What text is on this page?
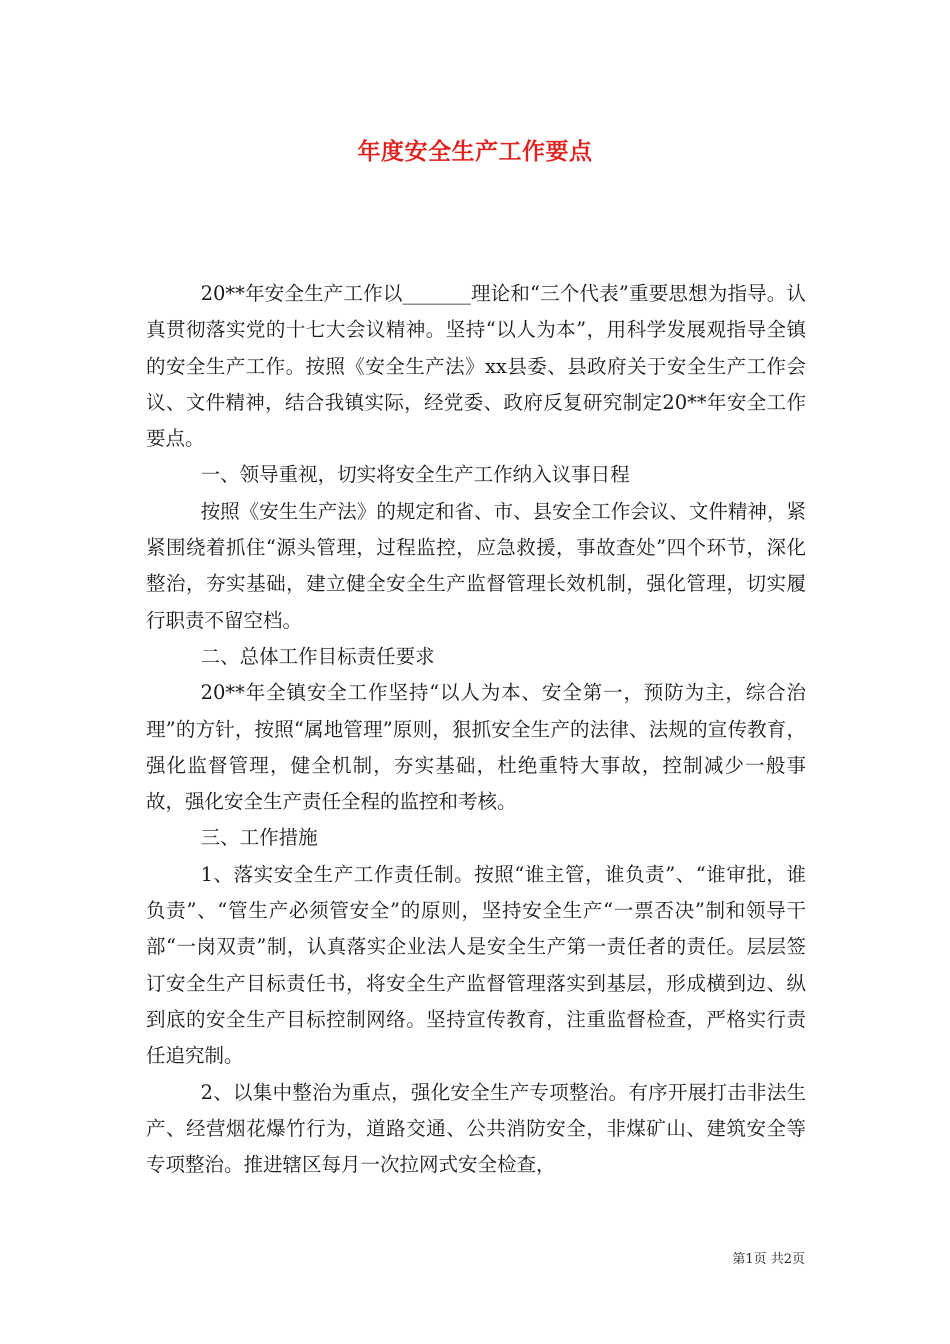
年度安全生产工作要点

20**年安全生产工作以_______理论和“三个代表”重要思想为指导。认真贯彻落实党的十七大会议精神。坚持“以人为本”，用科学发展观指导全镇的安全生产工作。按照《安全生产法》xx县委、县政府关于安全生产工作会议、文件精神，结合我镇实际，经党委、政府反复研究制定20**年安全工作要点。

一、领导重视，切实将安全生产工作纳入议事日程

按照《安生生产法》的规定和省、市、县安全工作会议、文件精神，紧紧围绕着抓住“源头管理，过程监控，应急救援，事故查处”四个环节，深化整治，夯实基础，建立健全安全生产监督管理长效机制，强化管理，切实履行职责不留空档。

二、总体工作目标责任要求

20**年全镇安全工作坚持“以人为本、安全第一，预防为主，综合治理”的方针，按照“属地管理”原则，狠抓安全生产的法律、法规的宣传教育，强化监督管理，健全机制，夯实基础，杜绝重特大事故，控制减少一般事故，强化安全生产责任全程的监控和考核。

三、工作措施

1、落实安全生产工作责任制。按照“谁主管，谁负责”、“谁审批，谁负责”、“管生产必须管安全”的原则，坚持安全生产“一票否决”制和领导干部“一岗双责”制，认真落实企业法人是安全生产第一责任者的责任。层层签订安全生产目标责任书，将安全生产监督管理落实到基层，形成横到边、纵到底的安全生产目标控制网络。坚持宣传教育，注重监督检查，严格实行责任追究制。

2、以集中整治为重点，强化安全生产专项整治。有序开展打击非法生产、经营烟花爆竹行为，道路交通、公共消防安全，非煤矿山、建筑安全等专项整治。推进辖区每月一次拉网式安全检查，

第1页 共2页
